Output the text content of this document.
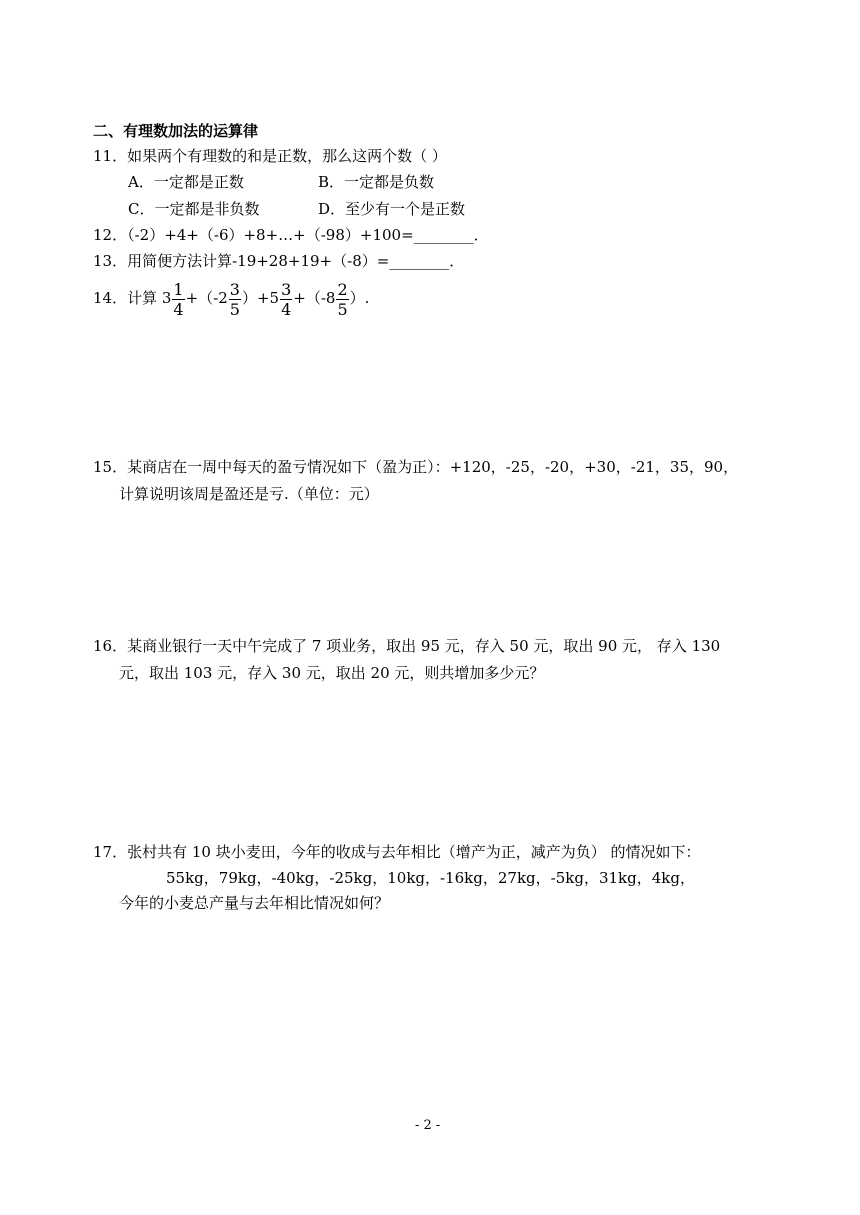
二、有理数加法的运算律
11．如果两个有理数的和是正数，那么这两个数（ ）
A．一定都是正数	B．一定都是负数
C．一定都是非负数	D．至少有一个是正数
12．（-2）+4+（-6）+8+…+（-98）+100=________．
13．用简便方法计算-19+28+19+（-8）=________．
14．计算 $3 \frac{1}{4} +(-2 \frac{3}{5} )+5 \frac{3}{4} +(-8 \frac{2}{5}$ ）.
15．某商店在一周中每天的盈亏情况如下（盈为正）：+120，-25，-20，+30，-21，35，90，
计算说明该周是盈还是亏.（单位：元）
16．某商业银行一天中午完成了 7 项业务，取出 95 元，存入 50 元，取出 90 元， 存入 130
元，取出 103 元，存入 30 元，取出 20 元，则共增加多少元？
17．张村共有 10 块小麦田，今年的收成与去年相比（增产为正，减产为负） 的情况如下：
55kg，79kg，-40kg，-25kg，10kg，-16kg，27kg，-5kg，31kg，4kg，
今年的小麦总产量与去年相比情况如何？
- 2 -
